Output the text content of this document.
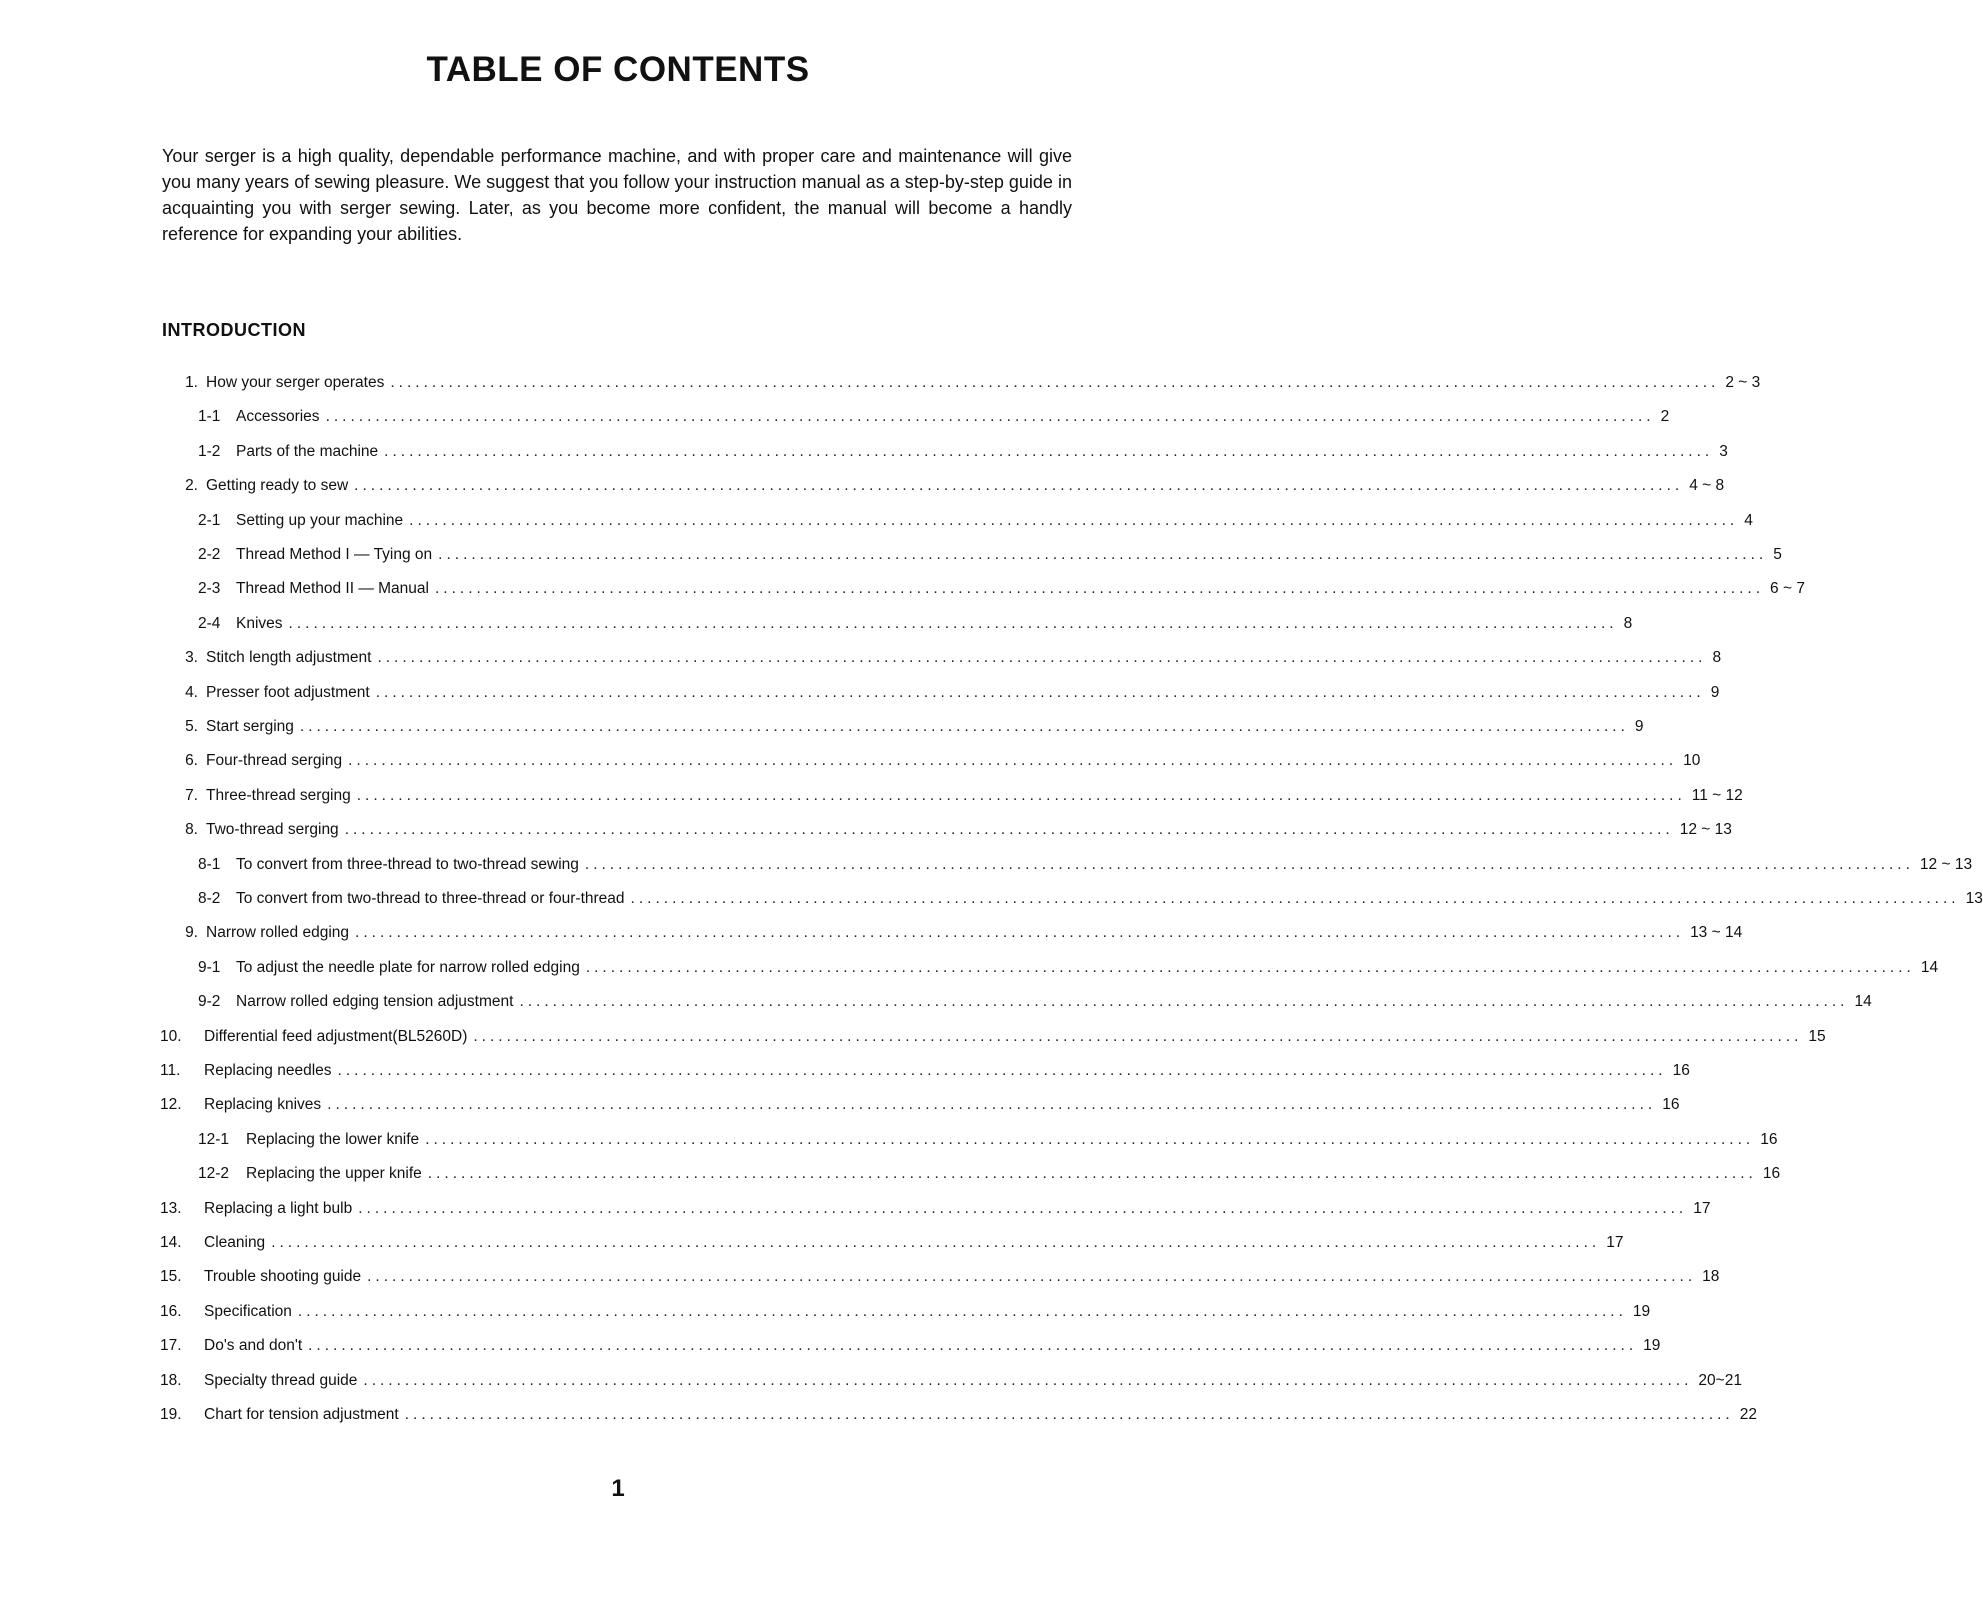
TABLE OF CONTENTS

Your serger is a high quality, dependable performance machine, and with proper care and maintenance will give you many years of sewing pleasure. We suggest that you follow your instruction manual as a step-by-step guide in acquainting you with serger sewing. Later, as you become more confident, the manual will become a handly reference for expanding your abilities.

INTRODUCTION
1. How your serger operates ................................................................................................................................................................ 2 ~ 3
1-1	Accessories ................................................................................................................................................................ 2
1-2	Parts of the machine ................................................................................................................................................................ 3
2. Getting ready to sew ................................................................................................................................................................ 4 ~ 8
2-1	Setting up your machine ................................................................................................................................................................ 4
2-2	Thread Method I — Tying on ................................................................................................................................................................ 5
2-3	Thread Method II — Manual ................................................................................................................................................................ 6 ~ 7
2-4	Knives ................................................................................................................................................................ 8
3. Stitch length adjustment ................................................................................................................................................................ 8
4. Presser foot adjustment ................................................................................................................................................................ 9
5. Start serging ................................................................................................................................................................ 9
6. Four-thread serging ................................................................................................................................................................ 10
7. Three-thread serging ................................................................................................................................................................ 11 ~ 12
8. Two-thread serging ................................................................................................................................................................ 12 ~ 13
8-1	To convert from three-thread to two-thread sewing ................................................................................................................................................................ 12 ~ 13
8-2	To convert from two-thread to three-thread or four-thread ................................................................................................................................................................ 13
9. Narrow rolled edging ................................................................................................................................................................ 13 ~ 14
9-1	To adjust the needle plate for narrow rolled edging ................................................................................................................................................................ 14
9-2	Narrow rolled edging tension adjustment ................................................................................................................................................................ 14
10.	Differential feed adjustment(BL5260D) ................................................................................................................................................................ 15
11.	Replacing needles ................................................................................................................................................................ 16
12.	Replacing knives ................................................................................................................................................................ 16
12-1	Replacing the lower knife ................................................................................................................................................................ 16
12-2	Replacing the upper knife ................................................................................................................................................................ 16
13.	Replacing a light bulb ................................................................................................................................................................ 17
14.	Cleaning ................................................................................................................................................................ 17
15.	Trouble shooting guide ................................................................................................................................................................ 18
16.	Specification ................................................................................................................................................................ 19
17.	Do's and don't ................................................................................................................................................................ 19
18.	Specialty thread guide ................................................................................................................................................................ 20~21
19.	Chart for tension adjustment ................................................................................................................................................................ 22
1
